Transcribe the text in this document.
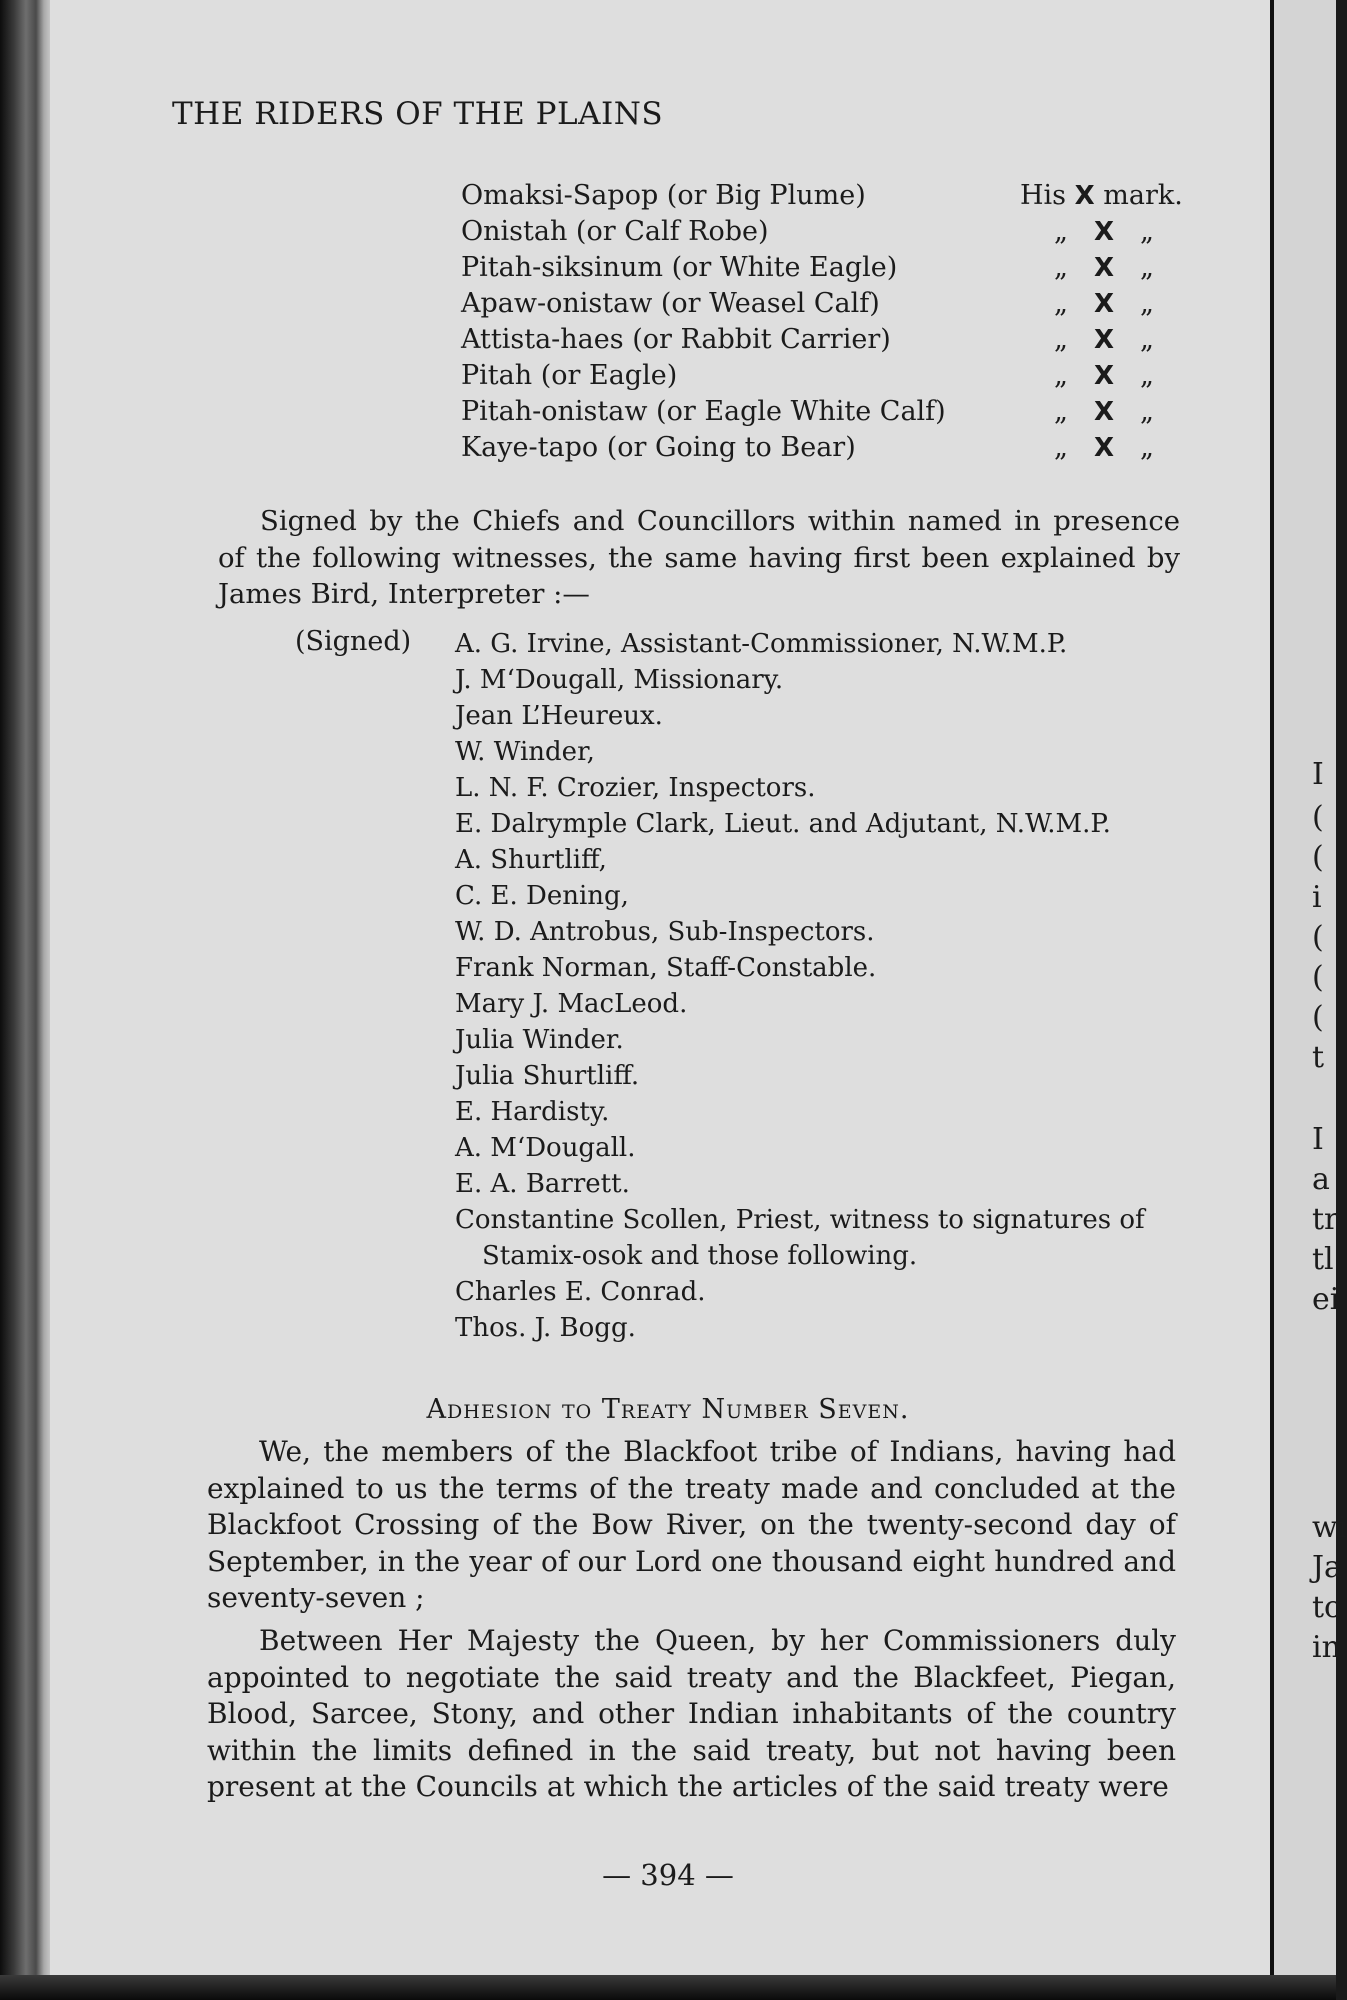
THE RIDERS OF THE PLAINS
Omaksi-Sapop (or Big Plume)	His X mark.
Onistah (or Calf Robe)	„ X „
Pitah-siksinum (or White Eagle)	„ X „
Apaw-onistaw (or Weasel Calf)	„ X „
Attista-haes (or Rabbit Carrier)	„ X „
Pitah (or Eagle)	„ X „
Pitah-onistaw (or Eagle White Calf)	„ X „
Kaye-tapo (or Going to Bear)	„ X „
Signed by the Chiefs and Councillors within named in presence of the following witnesses, the same having first been explained by James Bird, Interpreter :—
(Signed) A. G. Irvine, Assistant-Commissioner, N.W.M.P.
J. M‘Dougall, Missionary.
Jean L’Heureux.
W. Winder,
L. N. F. Crozier, Inspectors.
E. Dalrymple Clark, Lieut. and Adjutant, N.W.M.P.
A. Shurtliff,
C. E. Dening,
W. D. Antrobus, Sub-Inspectors.
Frank Norman, Staff-Constable.
Mary J. MacLeod.
Julia Winder.
Julia Shurtliff.
E. Hardisty.
A. M‘Dougall.
E. A. Barrett.
Constantine Scollen, Priest, witness to signatures of
Stamix-osok and those following.
Charles E. Conrad.
Thos. J. Bogg.
Adhesion to Treaty Number Seven.
We, the members of the Blackfoot tribe of Indians, having had explained to us the terms of the treaty made and concluded at the Blackfoot Crossing of the Bow River, on the twenty-second day of September, in the year of our Lord one thousand eight hundred and seventy-seven ;
Between Her Majesty the Queen, by her Commissioners duly appointed to negotiate the said treaty and the Blackfeet, Piegan, Blood, Sarcee, Stony, and other Indian inhabitants of the country within the limits defined in the said treaty, but not having been present at the Councils at which the articles of the said treaty were
— 394 —
I
(
(
i
(
(
(
t
I
a
tr
tl
ei
wi
Ja
to
in
